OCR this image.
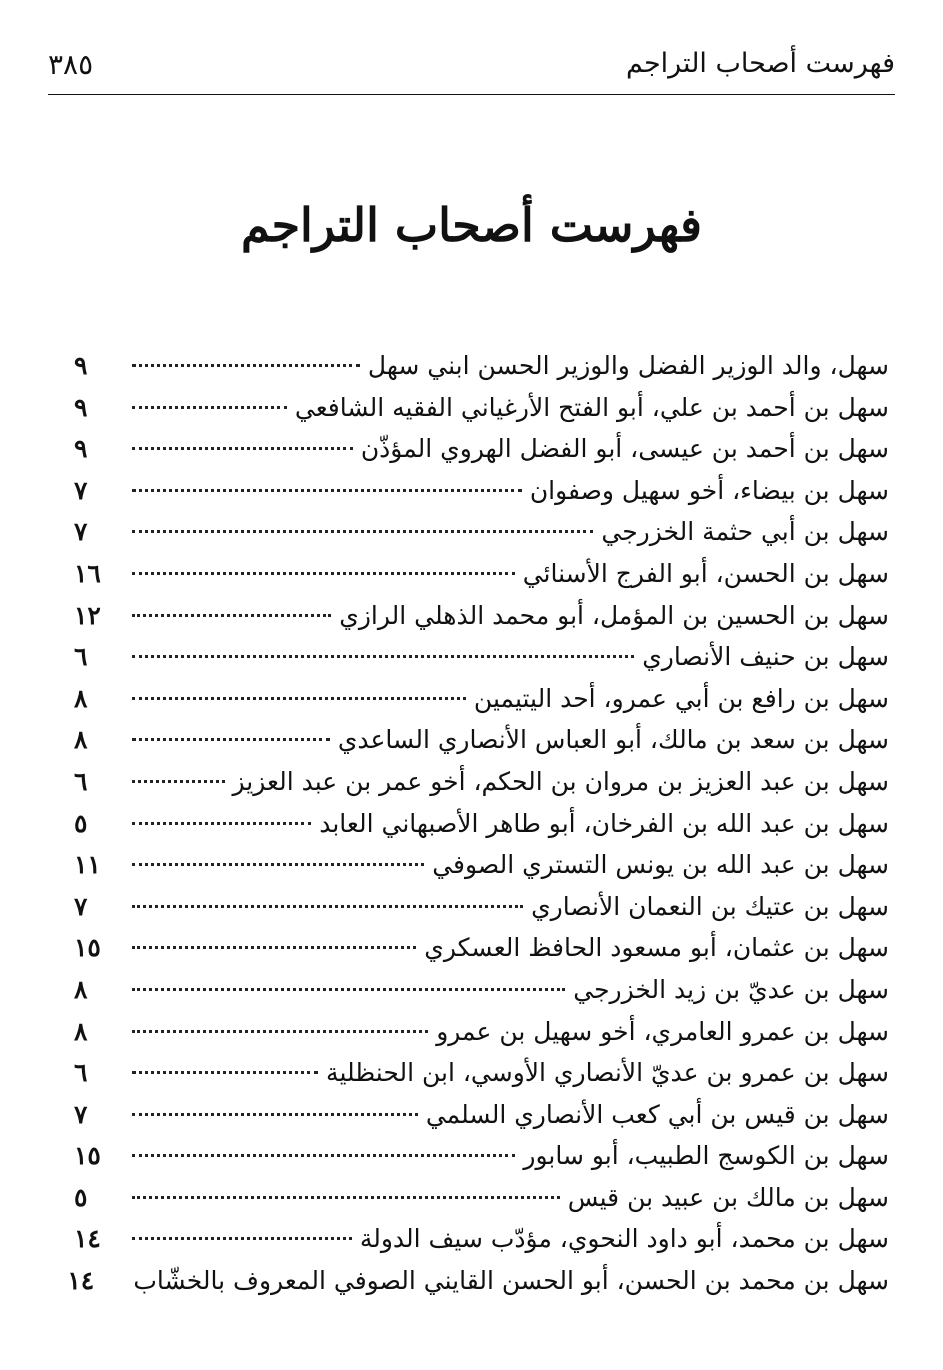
فهرست أصحاب التراجم
٣٨٥
فهرست أصحاب التراجم
سهل، والد الوزير الفضل والوزير الحسن ابني سهل
٩
سهل بن أحمد بن علي، أبو الفتح الأرغياني الفقيه الشافعي
٩
سهل بن أحمد بن عيسى، أبو الفضل الهروي المؤذّن
٩
سهل بن بيضاء، أخو سهيل وصفوان
٧
سهل بن أبي حثمة الخزرجي
٧
سهل بن الحسن، أبو الفرج الأسنائي
١٦
سهل بن الحسين بن المؤمل، أبو محمد الذهلي الرازي
١٢
سهل بن حنيف الأنصاري
٦
سهل بن رافع بن أبي عمرو، أحد اليتيمين
٨
سهل بن سعد بن مالك، أبو العباس الأنصاري الساعدي
٨
سهل بن عبد العزيز بن مروان بن الحكم، أخو عمر بن عبد العزيز
٦
سهل بن عبد الله بن الفرخان، أبو طاهر الأصبهاني العابد
٥
سهل بن عبد الله بن يونس التستري الصوفي
١١
سهل بن عتيك بن النعمان الأنصاري
٧
سهل بن عثمان، أبو مسعود الحافظ العسكري
١٥
سهل بن عديّ بن زيد الخزرجي
٨
سهل بن عمرو العامري، أخو سهيل بن عمرو
٨
سهل بن عمرو بن عديّ الأنصاري الأوسي، ابن الحنظلية
٦
سهل بن قيس بن أبي كعب الأنصاري السلمي
٧
سهل بن الكوسج الطبيب، أبو سابور
١٥
سهل بن مالك بن عبيد بن قيس
٥
سهل بن محمد، أبو داود النحوي، مؤدّب سيف الدولة
١٤
سهل بن محمد بن الحسن، أبو الحسن القايني الصوفي المعروف بالخشّاب
١٤
